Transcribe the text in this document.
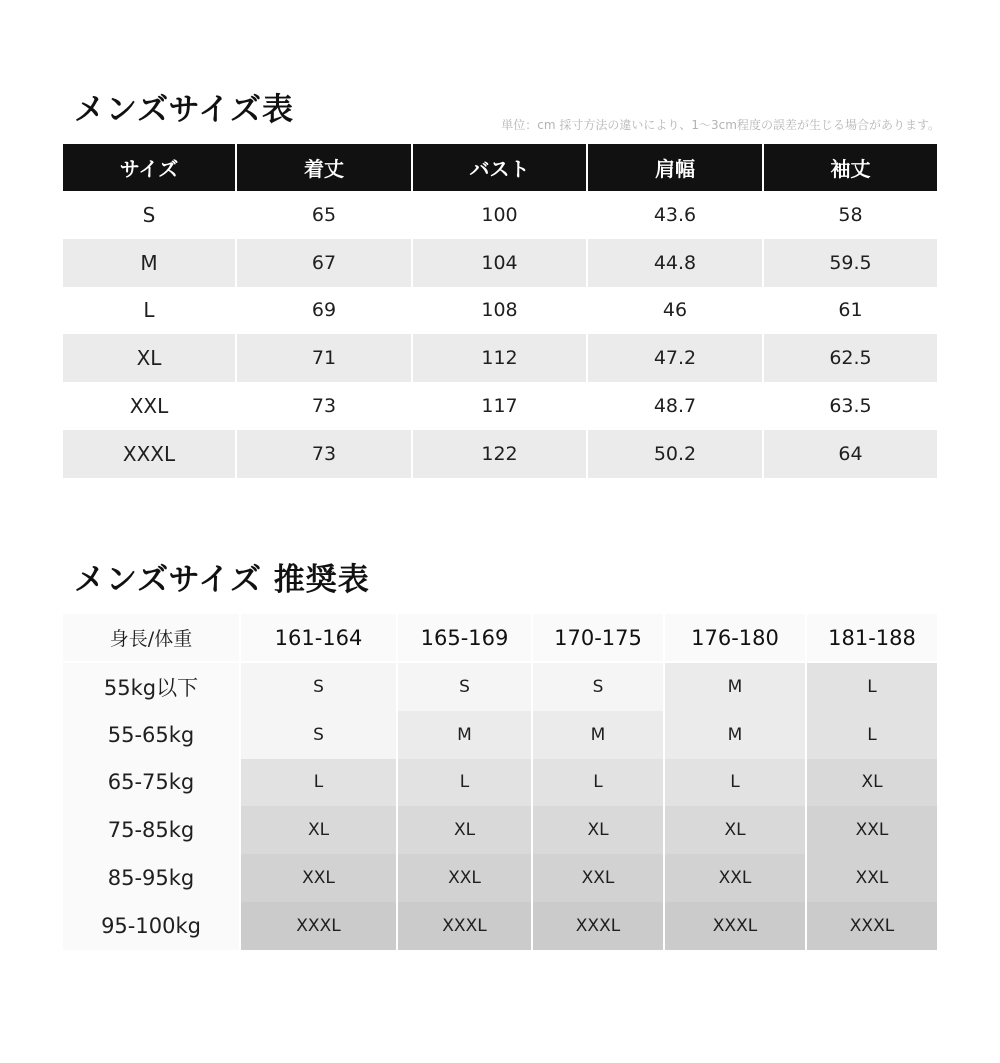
メンズサイズ表	単位：cm 採寸方法の違いにより、1〜3cm程度の誤差が生じる場合があります。
サイズ	着丈	バスト	肩幅	袖丈
S	65	100	43.6	58
M	67	104	44.8	59.5
L	69	108	46	61
XL	71	112	47.2	62.5
XXL	73	117	48.7	63.5
XXXL	73	122	50.2	64
メンズサイズ 推奨表
身長/体重	161-164	165-169	170-175	176-180	181-188
55kg以下	S	S	S	M	L
55-65kg	S	M	M	M	L
65-75kg	L	L	L	L	XL
75-85kg	XL	XL	XL	XL	XXL
85-95kg	XXL	XXL	XXL	XXL	XXL
95-100kg	XXXL	XXXL	XXXL	XXXL	XXXL
